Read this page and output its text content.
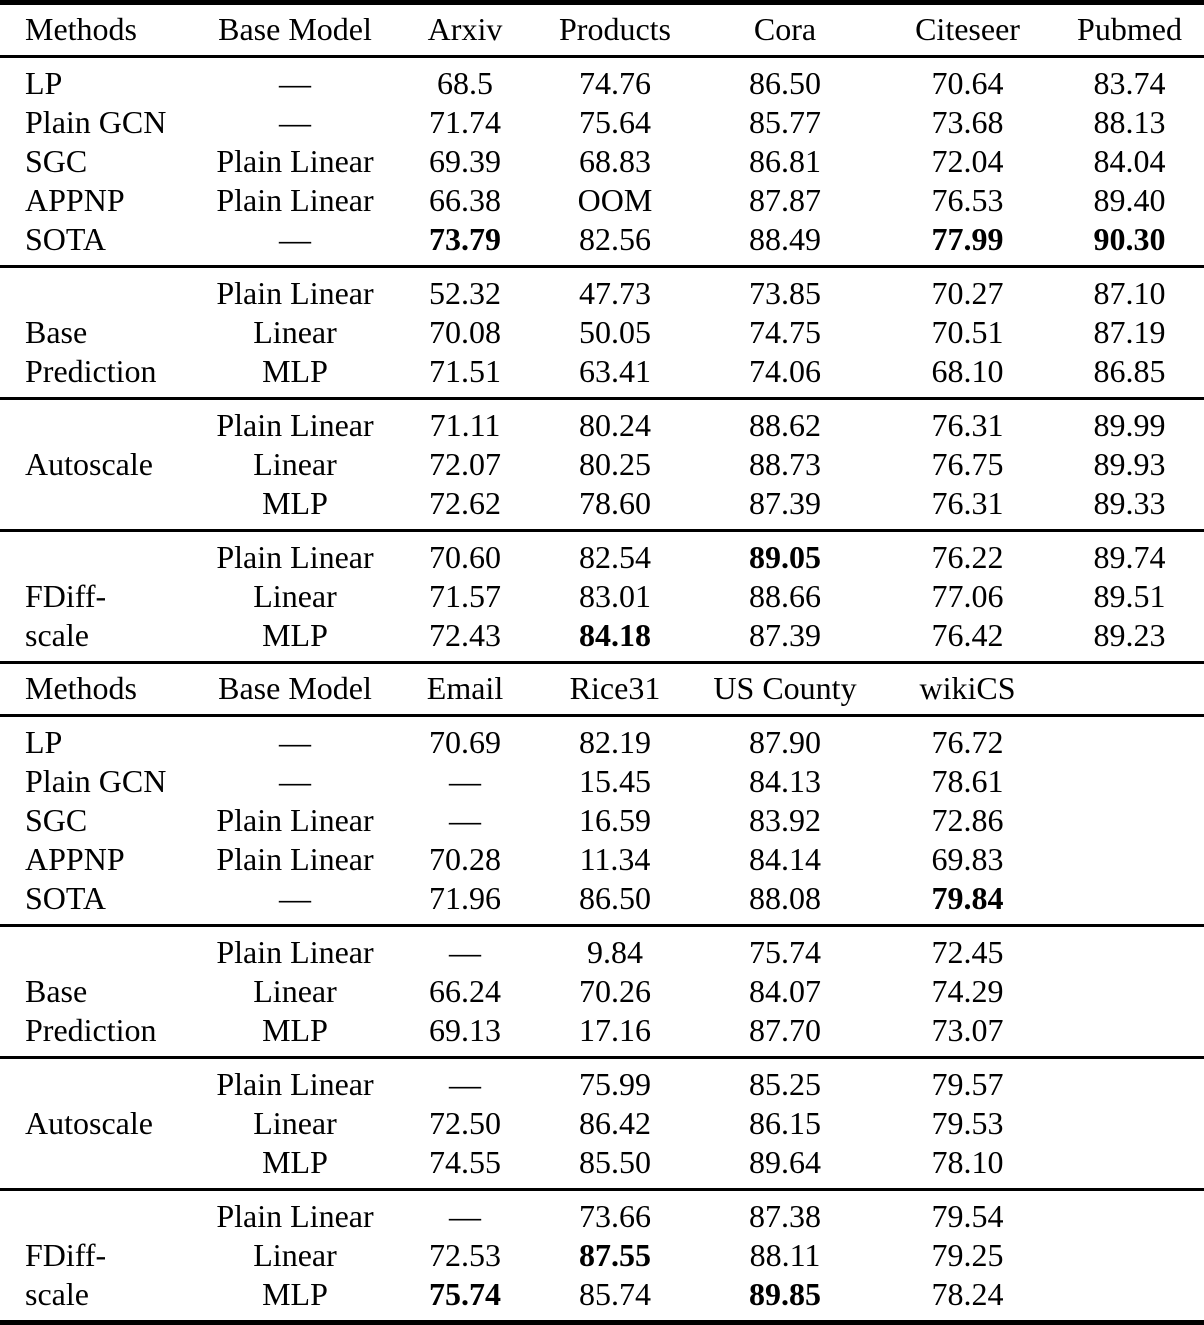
Methods	Base Model	Arxiv	Products	Cora	Citeseer	Pubmed
LP	—	68.5	74.76	86.50	70.64	83.74
Plain GCN	—	71.74	75.64	85.77	73.68	88.13
SGC	Plain Linear	69.39	68.83	86.81	72.04	84.04
APPNP	Plain Linear	66.38	OOM	87.87	76.53	89.40
SOTA	—	73.79	82.56	88.49	77.99	90.30
	Plain Linear	52.32	47.73	73.85	70.27	87.10
Base	Linear	70.08	50.05	74.75	70.51	87.19
Prediction	MLP	71.51	63.41	74.06	68.10	86.85
	Plain Linear	71.11	80.24	88.62	76.31	89.99
Autoscale	Linear	72.07	80.25	88.73	76.75	89.93
	MLP	72.62	78.60	87.39	76.31	89.33
	Plain Linear	70.60	82.54	89.05	76.22	89.74
FDiff-	Linear	71.57	83.01	88.66	77.06	89.51
scale	MLP	72.43	84.18	87.39	76.42	89.23
Methods	Base Model	Email	Rice31	US County	wikiCS	
LP	—	70.69	82.19	87.90	76.72	
Plain GCN	—	—	15.45	84.13	78.61	
SGC	Plain Linear	—	16.59	83.92	72.86	
APPNP	Plain Linear	70.28	11.34	84.14	69.83	
SOTA	—	71.96	86.50	88.08	79.84	
	Plain Linear	—	9.84	75.74	72.45	
Base	Linear	66.24	70.26	84.07	74.29	
Prediction	MLP	69.13	17.16	87.70	73.07	
	Plain Linear	—	75.99	85.25	79.57	
Autoscale	Linear	72.50	86.42	86.15	79.53	
	MLP	74.55	85.50	89.64	78.10	
	Plain Linear	—	73.66	87.38	79.54	
FDiff-	Linear	72.53	87.55	88.11	79.25	
scale	MLP	75.74	85.74	89.85	78.24	
